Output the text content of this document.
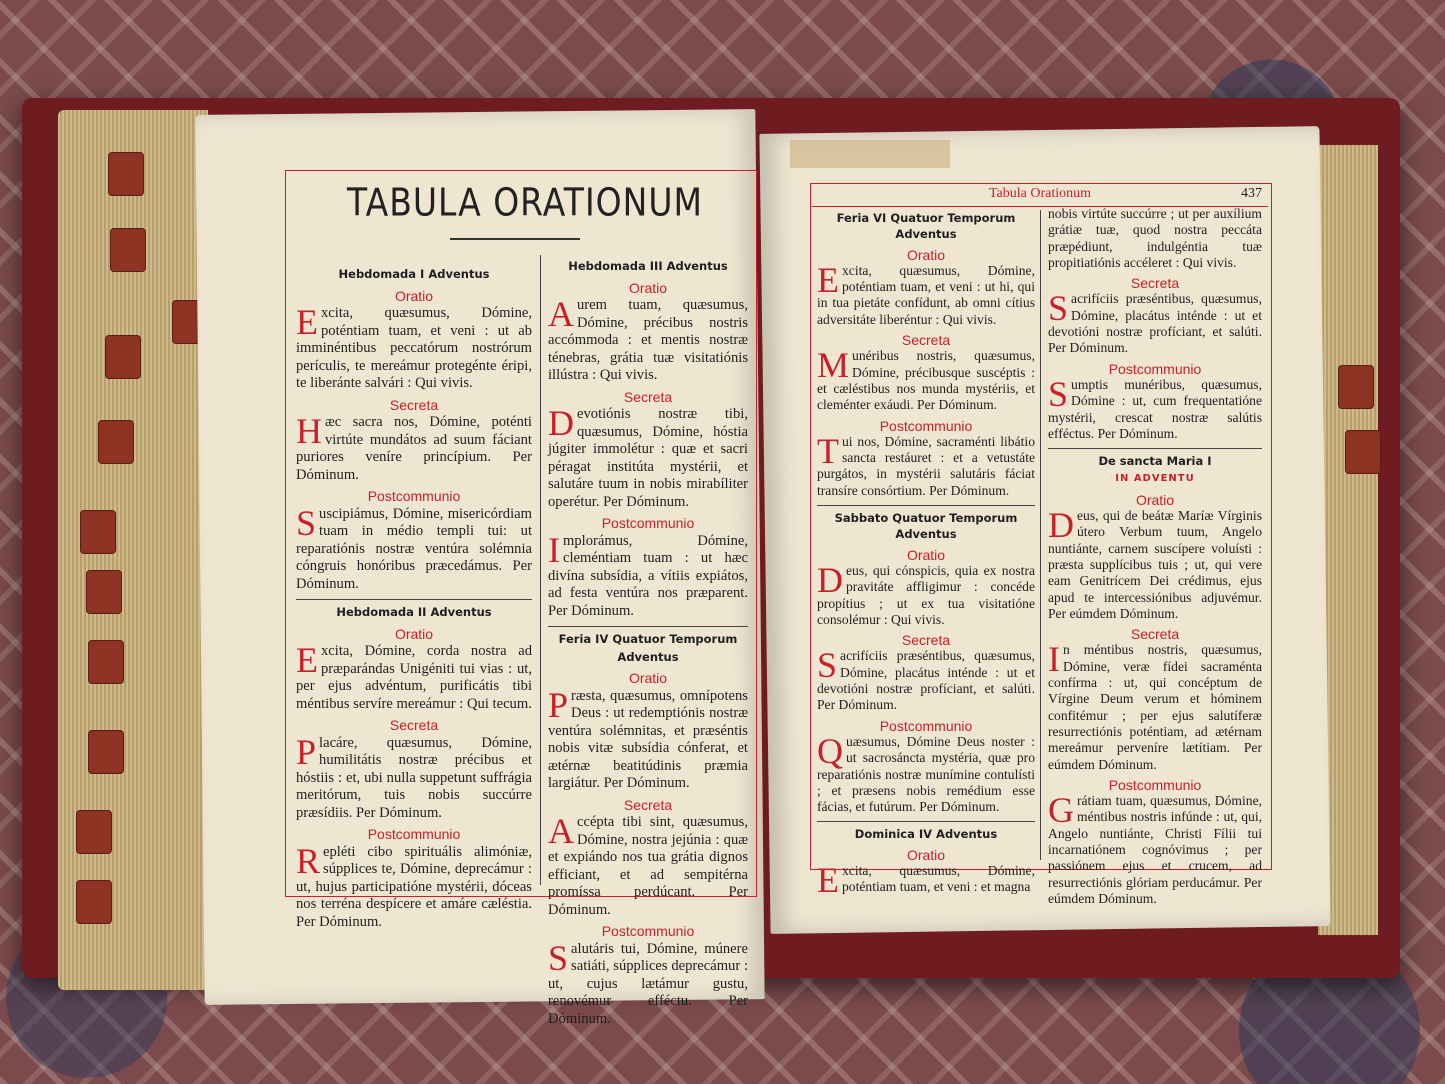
TABULA ORATIONUM	Tabula Orationum	437
Hebdomada I Adventus
Oratio
Excita, quæsumus, Dómine, poténtiam tuam, et veni : ut ab imminéntibus peccatórum nostrórum perículis, te mereámur protegénte éripi, te liberánte salvári : Qui vivis.
Secreta
Hæc sacra nos, Dómine, poténti virtúte mundátos ad suum fáciant puriores veníre princípium. Per Dóminum.
Postcommunio
Suscipiámus, Dómine, misericórdiam tuam in médio templi tui: ut reparatiónis nostræ ventúra solémnia cóngruis honóribus præcedámus. Per Dóminum.
Hebdomada II Adventus
Oratio
Excita, Dómine, corda nostra ad præparándas Unigéniti tui vias : ut, per ejus advéntum, purificátis tibi méntibus servíre mereámur : Qui tecum.
Secreta
Placáre, quæsumus, Dómine, humilitátis nostræ précibus et hóstiis : et, ubi nulla suppetunt suffrágia meritórum, tuis nobis succúrre præsídiis. Per Dóminum.
Postcommunio
Repléti cibo spirituális alimóniæ, súpplices te, Dómine, deprecámur : ut, hujus participatióne mystérii, dóceas nos terréna despícere et amáre cæléstia. Per Dóminum.
Hebdomada III Adventus
Oratio
Aurem tuam, quæsumus, Dómine, précibus nostris accómmoda : et mentis nostræ ténebras, grátia tuæ visitatiónis illústra : Qui vivis.
Secreta
Devotiónis nostræ tibi, quæsumus, Dómine, hóstia júgiter immolétur : quæ et sacri péragat institúta mystérii, et salutáre tuum in nobis mirabíliter operétur. Per Dóminum.
Postcommunio
Implorámus, Dómine, cleméntiam tuam : ut hæc divína subsídia, a vítiis expiátos, ad festa ventúra nos præparent. Per Dóminum.
Feria IV Quatuor Temporum Adventus
Oratio
Præsta, quæsumus, omnípotens Deus : ut redemptiónis nostræ ventúra solémnitas, et præséntis nobis vitæ subsídia cónferat, et ætérnæ beatitúdinis præmia largiátur. Per Dóminum.
Secreta
Accépta tibi sint, quæsumus, Dómine, nostra jejúnia : quæ et expiándo nos tua grátia dignos efficiant, et ad sempitérna promíssa perdúcant. Per Dóminum.
Postcommunio
Salutáris tui, Dómine, múnere satiáti, súpplices deprecámur : ut, cujus lætámur gustu, renovémur efféctu. Per Dóminum.
Feria VI Quatuor Temporum Adventus
Oratio
Excita, quæsumus, Dómine, poténtiam tuam, et veni : ut hi, qui in tua pietáte confídunt, ab omni cítius adversitáte liberéntur : Qui vivis.
Secreta
Munéribus nostris, quæsumus, Dómine, précibusque suscéptis : et cæléstibus nos munda mystériis, et cleménter exáudi. Per Dóminum.
Postcommunio
Tui nos, Dómine, sacraménti libátio sancta restáuret : et a vetustáte purgátos, in mystérii salutáris fáciat transíre consórtium. Per Dóminum.
Sabbato Quatuor Temporum Adventus
Oratio
Deus, qui cónspicis, quia ex nostra pravitáte affligimur : concéde propítius ; ut ex tua visitatióne consolémur : Qui vivis.
Secreta
Sacrifíciis præséntibus, quæsumus, Dómine, placátus inténde : ut et devotióni nostræ profíciant, et salúti. Per Dóminum.
Postcommunio
Quæsumus, Dómine Deus noster : ut sacrosáncta mystéria, quæ pro reparatiónis nostræ munímine contulísti ; et præsens nobis remédium esse fácias, et futúrum. Per Dóminum.
Dominica IV Adventus
Oratio
Excita, quæsumus, Dómine, poténtiam tuam, et veni : et magna
nobis virtúte succúrre ; ut per auxílium grátiæ tuæ, quod nostra peccáta præpédiunt, indulgéntia tuæ propitiatiónis accéleret : Qui vivis.
Secreta
Sacrifíciis præséntibus, quæsumus, Dómine, placátus inténde : ut et devotióni nostræ profíciant, et salúti. Per Dóminum.
Postcommunio
Sumptis munéribus, quæsumus, Dómine : ut, cum frequentatióne mystérii, crescat nostræ salútis efféctus. Per Dóminum.
De sancta Maria I
IN ADVENTU
Oratio
Deus, qui de beátæ Maríæ Vírginis útero Verbum tuum, Angelo nuntiánte, carnem suscípere voluísti : præsta supplícibus tuis ; ut, qui vere eam Genitrícem Dei crédimus, ejus apud te intercessiónibus adjuvémur. Per eúmdem Dóminum.
Secreta
In méntibus nostris, quæsumus, Dómine, veræ fídei sacraménta confírma : ut, qui concéptum de Vírgine Deum verum et hóminem confitémur ; per ejus salutíferæ resurrectiónis poténtiam, ad ætérnam mereámur perveníre lætítiam. Per eúmdem Dóminum.
Postcommunio
Grátiam tuam, quæsumus, Dómine, méntibus nostris infúnde : ut, qui, Angelo nuntiánte, Christi Fílii tui incarnatiónem cognóvimus ; per passiónem ejus et crucem, ad resurrectiónis glóriam perducámur. Per eúmdem Dóminum.
